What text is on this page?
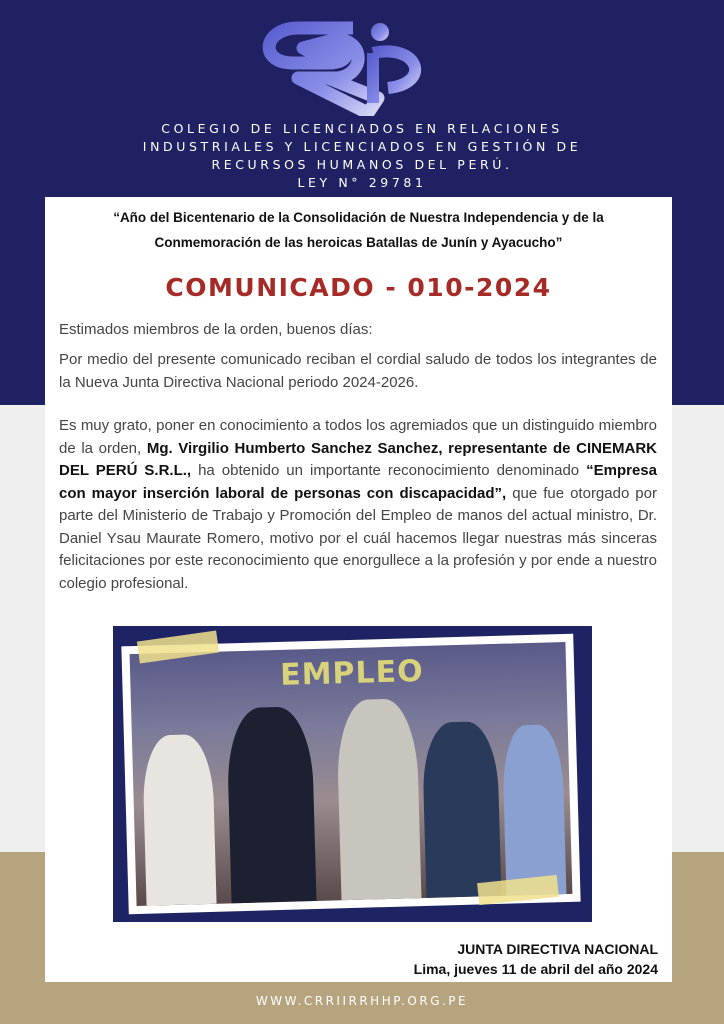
COLEGIO DE LICENCIADOS EN RELACIONES
INDUSTRIALES Y LICENCIADOS EN GESTIÓN DE
RECURSOS HUMANOS DEL PERÚ.
LEY N° 29781
“Año del Bicentenario de la Consolidación de Nuestra Independencia y de la
Conmemoración de las heroicas Batallas de Junín y Ayacucho”
COMUNICADO - 010-2024
Estimados miembros de la orden, buenos días:
Por medio del presente comunicado reciban el cordial saludo de todos los integrantes de la Nueva Junta Directiva Nacional periodo 2024-2026.
Es muy grato, poner en conocimiento a todos los agremiados que un distinguido miembro de la orden, Mg. Virgilio Humberto Sanchez Sanchez, representante de CINEMARK DEL PERÚ S.R.L., ha obtenido un importante reconocimiento denominado “Empresa con mayor inserción laboral de personas con discapacidad”, que fue otorgado por parte del Ministerio de Trabajo y Promoción del Empleo de manos del actual ministro, Dr. Daniel Ysau Maurate Romero, motivo por el cuál hacemos llegar nuestras más sinceras felicitaciones por este reconocimiento que enorgullece a la profesión y por ende a nuestro colegio profesional.
EMPLEO
JUNTA DIRECTIVA NACIONAL
Lima, jueves 11 de abril del año 2024
WWW.CRRIIRRHHP.ORG.PE
